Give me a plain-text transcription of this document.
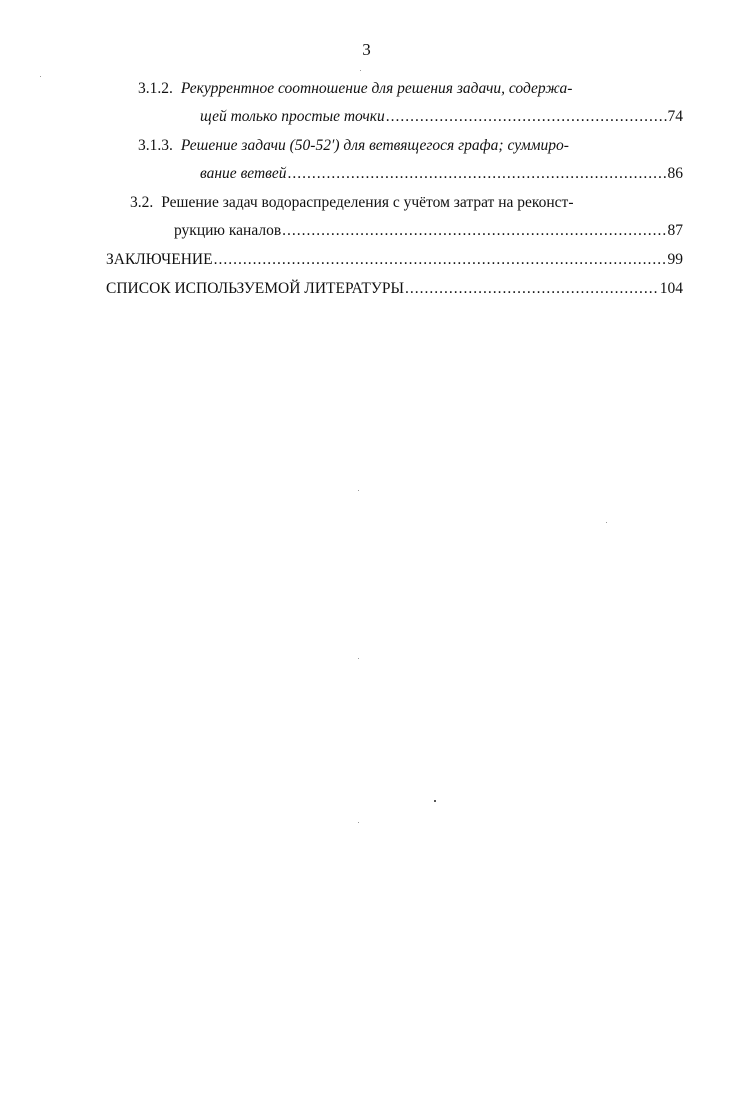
3
3.1.2. Рекуррентное соотношение для решения задачи, содержа-
щей только простые точки .....	74
3.1.3. Решение задачи (50-52′) для ветвящегося графа; суммиро-
вание ветвей .....	86
3.2. Решение задач водораспределения с учётом затрат на реконст-
рукцию каналов .....	87
ЗАКЛЮЧЕНИЕ .....	99
СПИСОК ИСПОЛЬЗУЕМОЙ ЛИТЕРАТУРЫ .....	104
